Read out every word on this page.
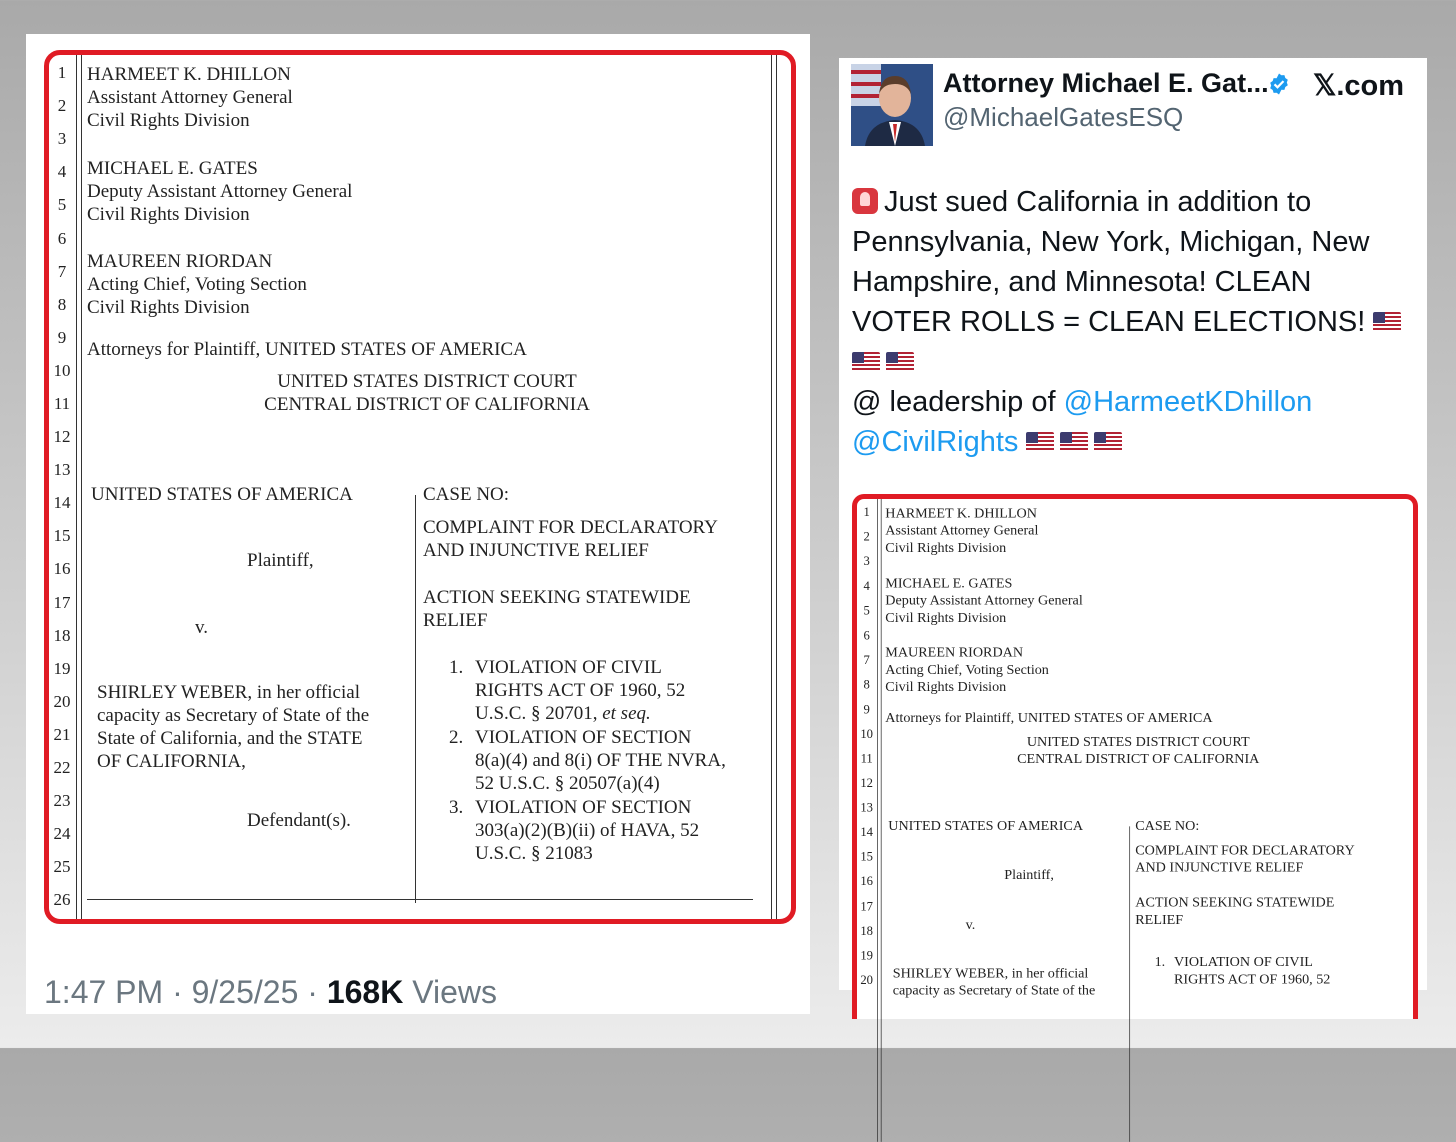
1
2
3
4
5
6
7
8
9
10
11
12
13
14
15
16
17
18
19
20
21
22
23
24
25
26
HARMEET K. DHILLON
Assistant Attorney General
Civil Rights Division
MICHAEL E. GATES
Deputy Assistant Attorney General
Civil Rights Division
MAUREEN RIORDAN
Acting Chief, Voting Section
Civil Rights Division
Attorneys for Plaintiff, UNITED STATES OF AMERICA
UNITED STATES DISTRICT COURT
CENTRAL DISTRICT OF CALIFORNIA
UNITED STATES OF AMERICA
Plaintiff,
v.
SHIRLEY WEBER, in her official
capacity as Secretary of State of the
State of California, and the STATE
OF CALIFORNIA,
Defendant(s).
CASE NO:
COMPLAINT FOR DECLARATORY
AND INJUNCTIVE RELIEF
ACTION SEEKING STATEWIDE
RELIEF
1. VIOLATION OF CIVIL
RIGHTS ACT OF 1960, 52
U.S.C. § 20701, et seq.
2. VIOLATION OF SECTION
8(a)(4) and 8(i) OF THE NVRA,
52 U.S.C. § 20507(a)(4)
3. VIOLATION OF SECTION
303(a)(2)(B)(ii) of HAVA, 52
U.S.C. § 21083
1:47 PM · 9/25/25 · 168K Views
Attorney Michael E. Gat... 𝕏.com
@MichaelGatesESQ

Just sued California in addition to

Pennsylvania, New York, Michigan, New

Hampshire, and Minnesota! CLEAN

VOTER ROLLS = CLEAN ELECTIONS!

@ leadership of @HarmeetKDhillon

@CivilRights

1
2
3
4
5
6
7
8
9
10
11
12
13
14
15
16
17
18
19
20
HARMEET K. DHILLON
Assistant Attorney General
Civil Rights Division
MICHAEL E. GATES
Deputy Assistant Attorney General
Civil Rights Division
MAUREEN RIORDAN
Acting Chief, Voting Section
Civil Rights Division
Attorneys for Plaintiff, UNITED STATES OF AMERICA
UNITED STATES DISTRICT COURT
CENTRAL DISTRICT OF CALIFORNIA
UNITED STATES OF AMERICA
Plaintiff,
v.
SHIRLEY WEBER, in her official
capacity as Secretary of State of the
CASE NO:
COMPLAINT FOR DECLARATORY
AND INJUNCTIVE RELIEF
ACTION SEEKING STATEWIDE
RELIEF
1. VIOLATION OF CIVIL
RIGHTS ACT OF 1960, 52
